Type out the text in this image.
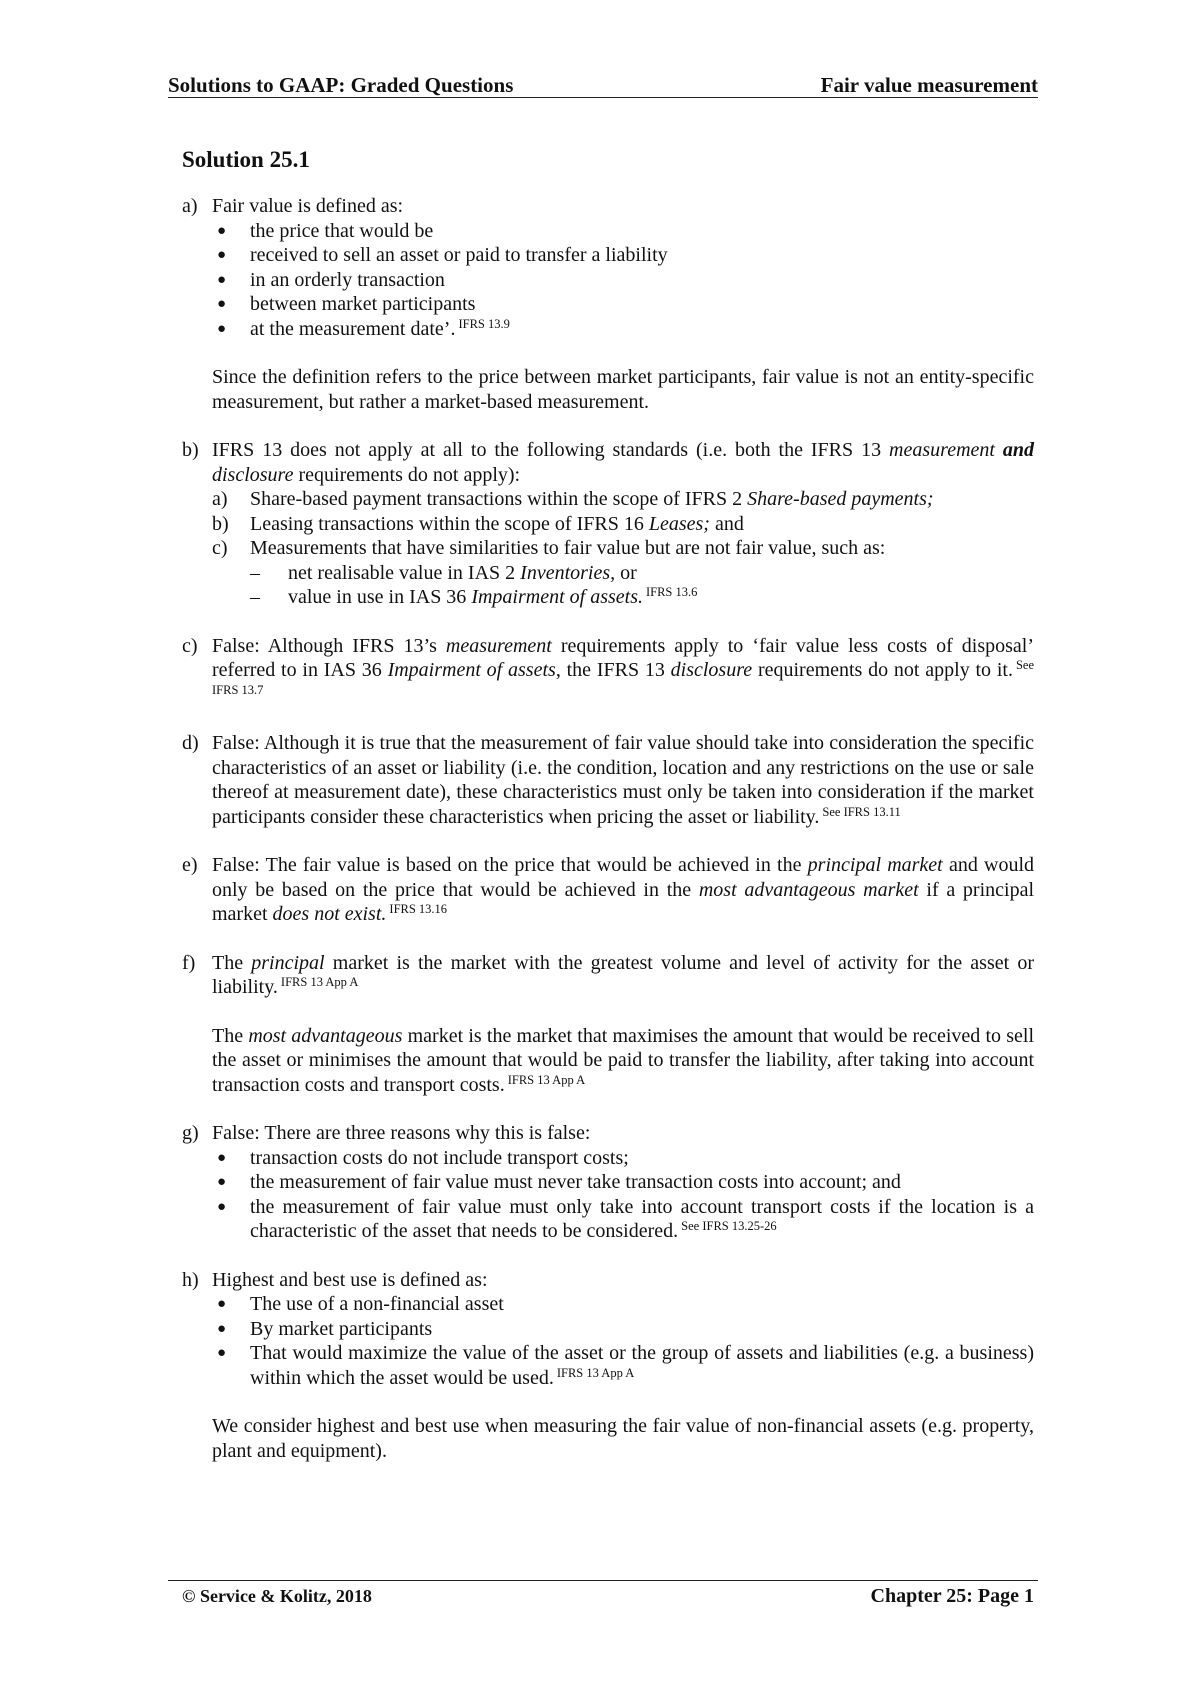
Solutions to GAAP: Graded Questions	Fair value measurement
Solution 25.1
a) Fair value is defined as:
● the price that would be
● received to sell an asset or paid to transfer a liability
● in an orderly transaction
● between market participants
● at the measurement date’. $^{IFRS 13.9}$

Since the definition refers to the price between market participants, fair value is not an entity-specific measurement, but rather a market-based measurement.

b) IFRS 13 does not apply at all to the following standards (i.e. both the IFRS 13 measurement and disclosure requirements do not apply):

a) Share-based payment transactions within the scope of IFRS 2 Share-based payments;
b) Leasing transactions within the scope of IFRS 16 Leases; and
c) Measurements that have similarities to fair value but are not fair value, such as:
– net realisable value in IAS 2 Inventories, or
– value in use in IAS 36 Impairment of assets. $^{IFRS 13.6}$
c) False: Although IFRS 13’s measurement requirements apply to ‘fair value less costs of disposal’ referred to in IAS 36 Impairment of assets, the IFRS 13 disclosure requirements do not apply to it. $^{See IFRS 13.7}$

d) False: Although it is true that the measurement of fair value should take into consideration the specific characteristics of an asset or liability (i.e. the condition, location and any restrictions on the use or sale thereof at measurement date), these characteristics must only be taken into consideration if the market participants consider these characteristics when pricing the asset or liability. $^{See IFRS 13.11}$

e) False: The fair value is based on the price that would be achieved in the principal market and would only be based on the price that would be achieved in the most advantageous market if a principal market does not exist. $^{IFRS 13.16}$

f) The principal market is the market with the greatest volume and level of activity for the asset or liability. $^{IFRS 13 App A}$

The most advantageous market is the market that maximises the amount that would be received to sell the asset or minimises the amount that would be paid to transfer the liability, after taking into account transaction costs and transport costs. $^{IFRS 13 App A}$

g) False: There are three reasons why this is false:
● transaction costs do not include transport costs;
● the measurement of fair value must never take transaction costs into account; and
● the measurement of fair value must only take into account transport costs if the location is a characteristic of the asset that needs to be considered. $^{See IFRS 13.25-26}$
h) Highest and best use is defined as:
● The use of a non-financial asset
● By market participants
● That would maximize the value of the asset or the group of assets and liabilities (e.g. a business) within which the asset would be used. $^{IFRS 13 App A}$

We consider highest and best use when measuring the fair value of non-financial assets (e.g. property, plant and equipment).

© Service & Kolitz, 2018	Chapter 25: Page 1
